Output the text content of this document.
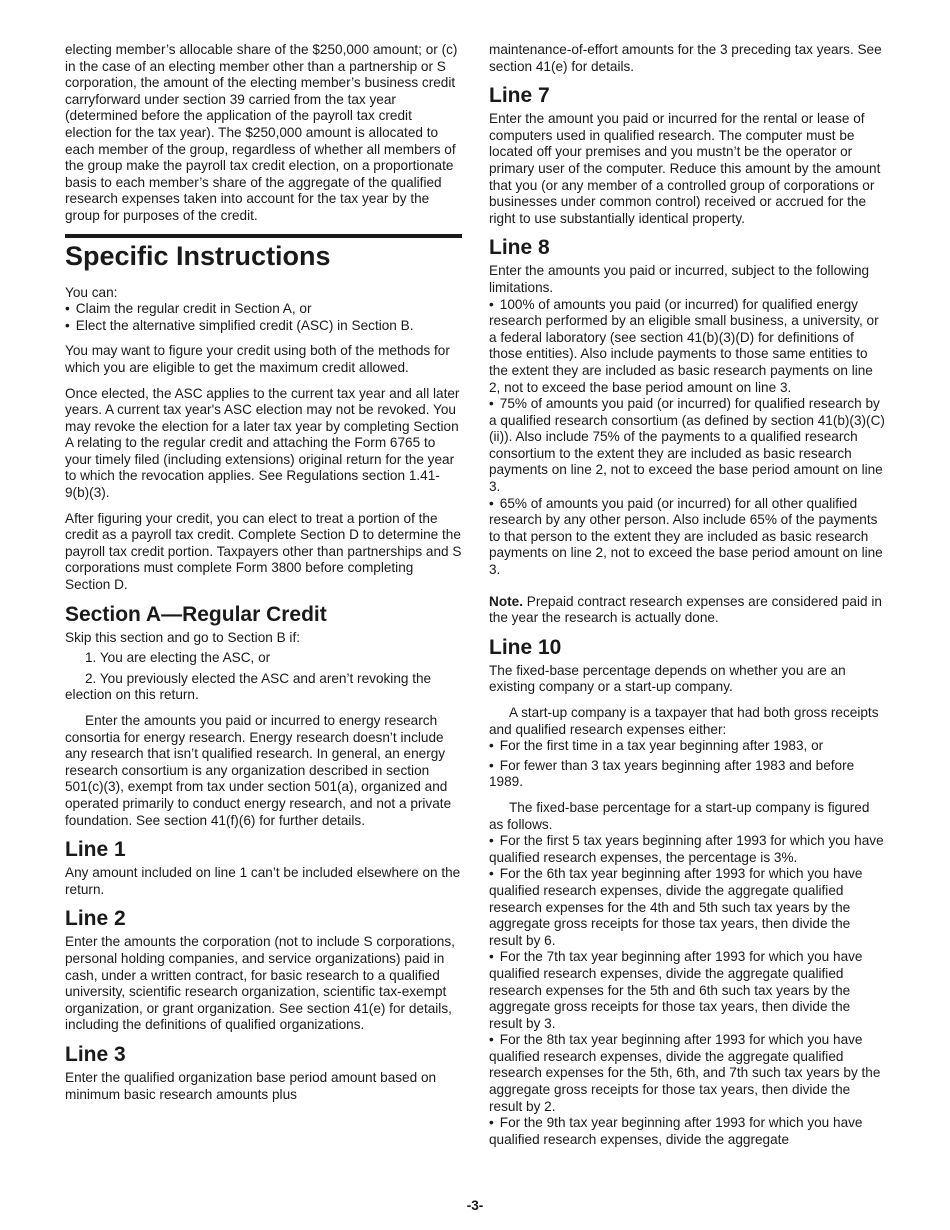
electing member’s allocable share of the $250,000 amount; or (c) in the case of an electing member other than a partnership or S corporation, the amount of the electing member’s business credit carryforward under section 39 carried from the tax year (determined before the application of the payroll tax credit election for the tax year). The $250,000 amount is allocated to each member of the group, regardless of whether all members of the group make the payroll tax credit election, on a proportionate basis to each member’s share of the aggregate of the qualified research expenses taken into account for the tax year by the group for purposes of the credit.

Specific Instructions

You can:

• Claim the regular credit in Section A, or
• Elect the alternative simplified credit (ASC) in Section B.

You may want to figure your credit using both of the methods for which you are eligible to get the maximum credit allowed.

Once elected, the ASC applies to the current tax year and all later years. A current tax year's ASC election may not be revoked. You may revoke the election for a later tax year by completing Section A relating to the regular credit and attaching the Form 6765 to your timely filed (including extensions) original return for the year to which the revocation applies. See Regulations section 1.41-9(b)(3).

After figuring your credit, you can elect to treat a portion of the credit as a payroll tax credit. Complete Section D to determine the payroll tax credit portion. Taxpayers other than partnerships and S corporations must complete Form 3800 before completing Section D.

Section A—Regular Credit

Skip this section and go to Section B if:

1. You are electing the ASC, or
2. You previously elected the ASC and aren’t revoking the election on this return.

Enter the amounts you paid or incurred to energy research consortia for energy research. Energy research doesn’t include any research that isn’t qualified research. In general, an energy research consortium is any organization described in section 501(c)(3), exempt from tax under section 501(a), organized and operated primarily to conduct energy research, and not a private foundation. See section 41(f)(6) for further details.

Line 1

Any amount included on line 1 can’t be included elsewhere on the return.

Line 2

Enter the amounts the corporation (not to include S corporations, personal holding companies, and service organizations) paid in cash, under a written contract, for basic research to a qualified university, scientific research organization, scientific tax-exempt organization, or grant organization. See section 41(e) for details, including the definitions of qualified organizations.

Line 3

Enter the qualified organization base period amount based on minimum basic research amounts plus

maintenance-of-effort amounts for the 3 preceding tax years. See section 41(e) for details.

Line 7

Enter the amount you paid or incurred for the rental or lease of computers used in qualified research. The computer must be located off your premises and you mustn’t be the operator or primary user of the computer. Reduce this amount by the amount that you (or any member of a controlled group of corporations or businesses under common control) received or accrued for the right to use substantially identical property.

Line 8

Enter the amounts you paid or incurred, subject to the following limitations.

• 100% of amounts you paid (or incurred) for qualified energy research performed by an eligible small business, a university, or a federal laboratory (see section 41(b)(3)(D) for definitions of those entities). Also include payments to those same entities to the extent they are included as basic research payments on line 2, not to exceed the base period amount on line 3.
• 75% of amounts you paid (or incurred) for qualified research by a qualified research consortium (as defined by section 41(b)(3)(C)(ii)). Also include 75% of the payments to a qualified research consortium to the extent they are included as basic research payments on line 2, not to exceed the base period amount on line 3.
• 65% of amounts you paid (or incurred) for all other qualified research by any other person. Also include 65% of the payments to that person to the extent they are included as basic research payments on line 2, not to exceed the base period amount on line 3.

Note. Prepaid contract research expenses are considered paid in the year the research is actually done.

Line 10

The fixed-base percentage depends on whether you are an existing company or a start-up company.

A start-up company is a taxpayer that had both gross receipts and qualified research expenses either:

• For the first time in a tax year beginning after 1983, or
• For fewer than 3 tax years beginning after 1983 and before 1989.

The fixed-base percentage for a start-up company is figured as follows.

• For the first 5 tax years beginning after 1993 for which you have qualified research expenses, the percentage is 3%.
• For the 6th tax year beginning after 1993 for which you have qualified research expenses, divide the aggregate qualified research expenses for the 4th and 5th such tax years by the aggregate gross receipts for those tax years, then divide the result by 6.
• For the 7th tax year beginning after 1993 for which you have qualified research expenses, divide the aggregate qualified research expenses for the 5th and 6th such tax years by the aggregate gross receipts for those tax years, then divide the result by 3.
• For the 8th tax year beginning after 1993 for which you have qualified research expenses, divide the aggregate qualified research expenses for the 5th, 6th, and 7th such tax years by the aggregate gross receipts for those tax years, then divide the result by 2.
• For the 9th tax year beginning after 1993 for which you have qualified research expenses, divide the aggregate
-3-
